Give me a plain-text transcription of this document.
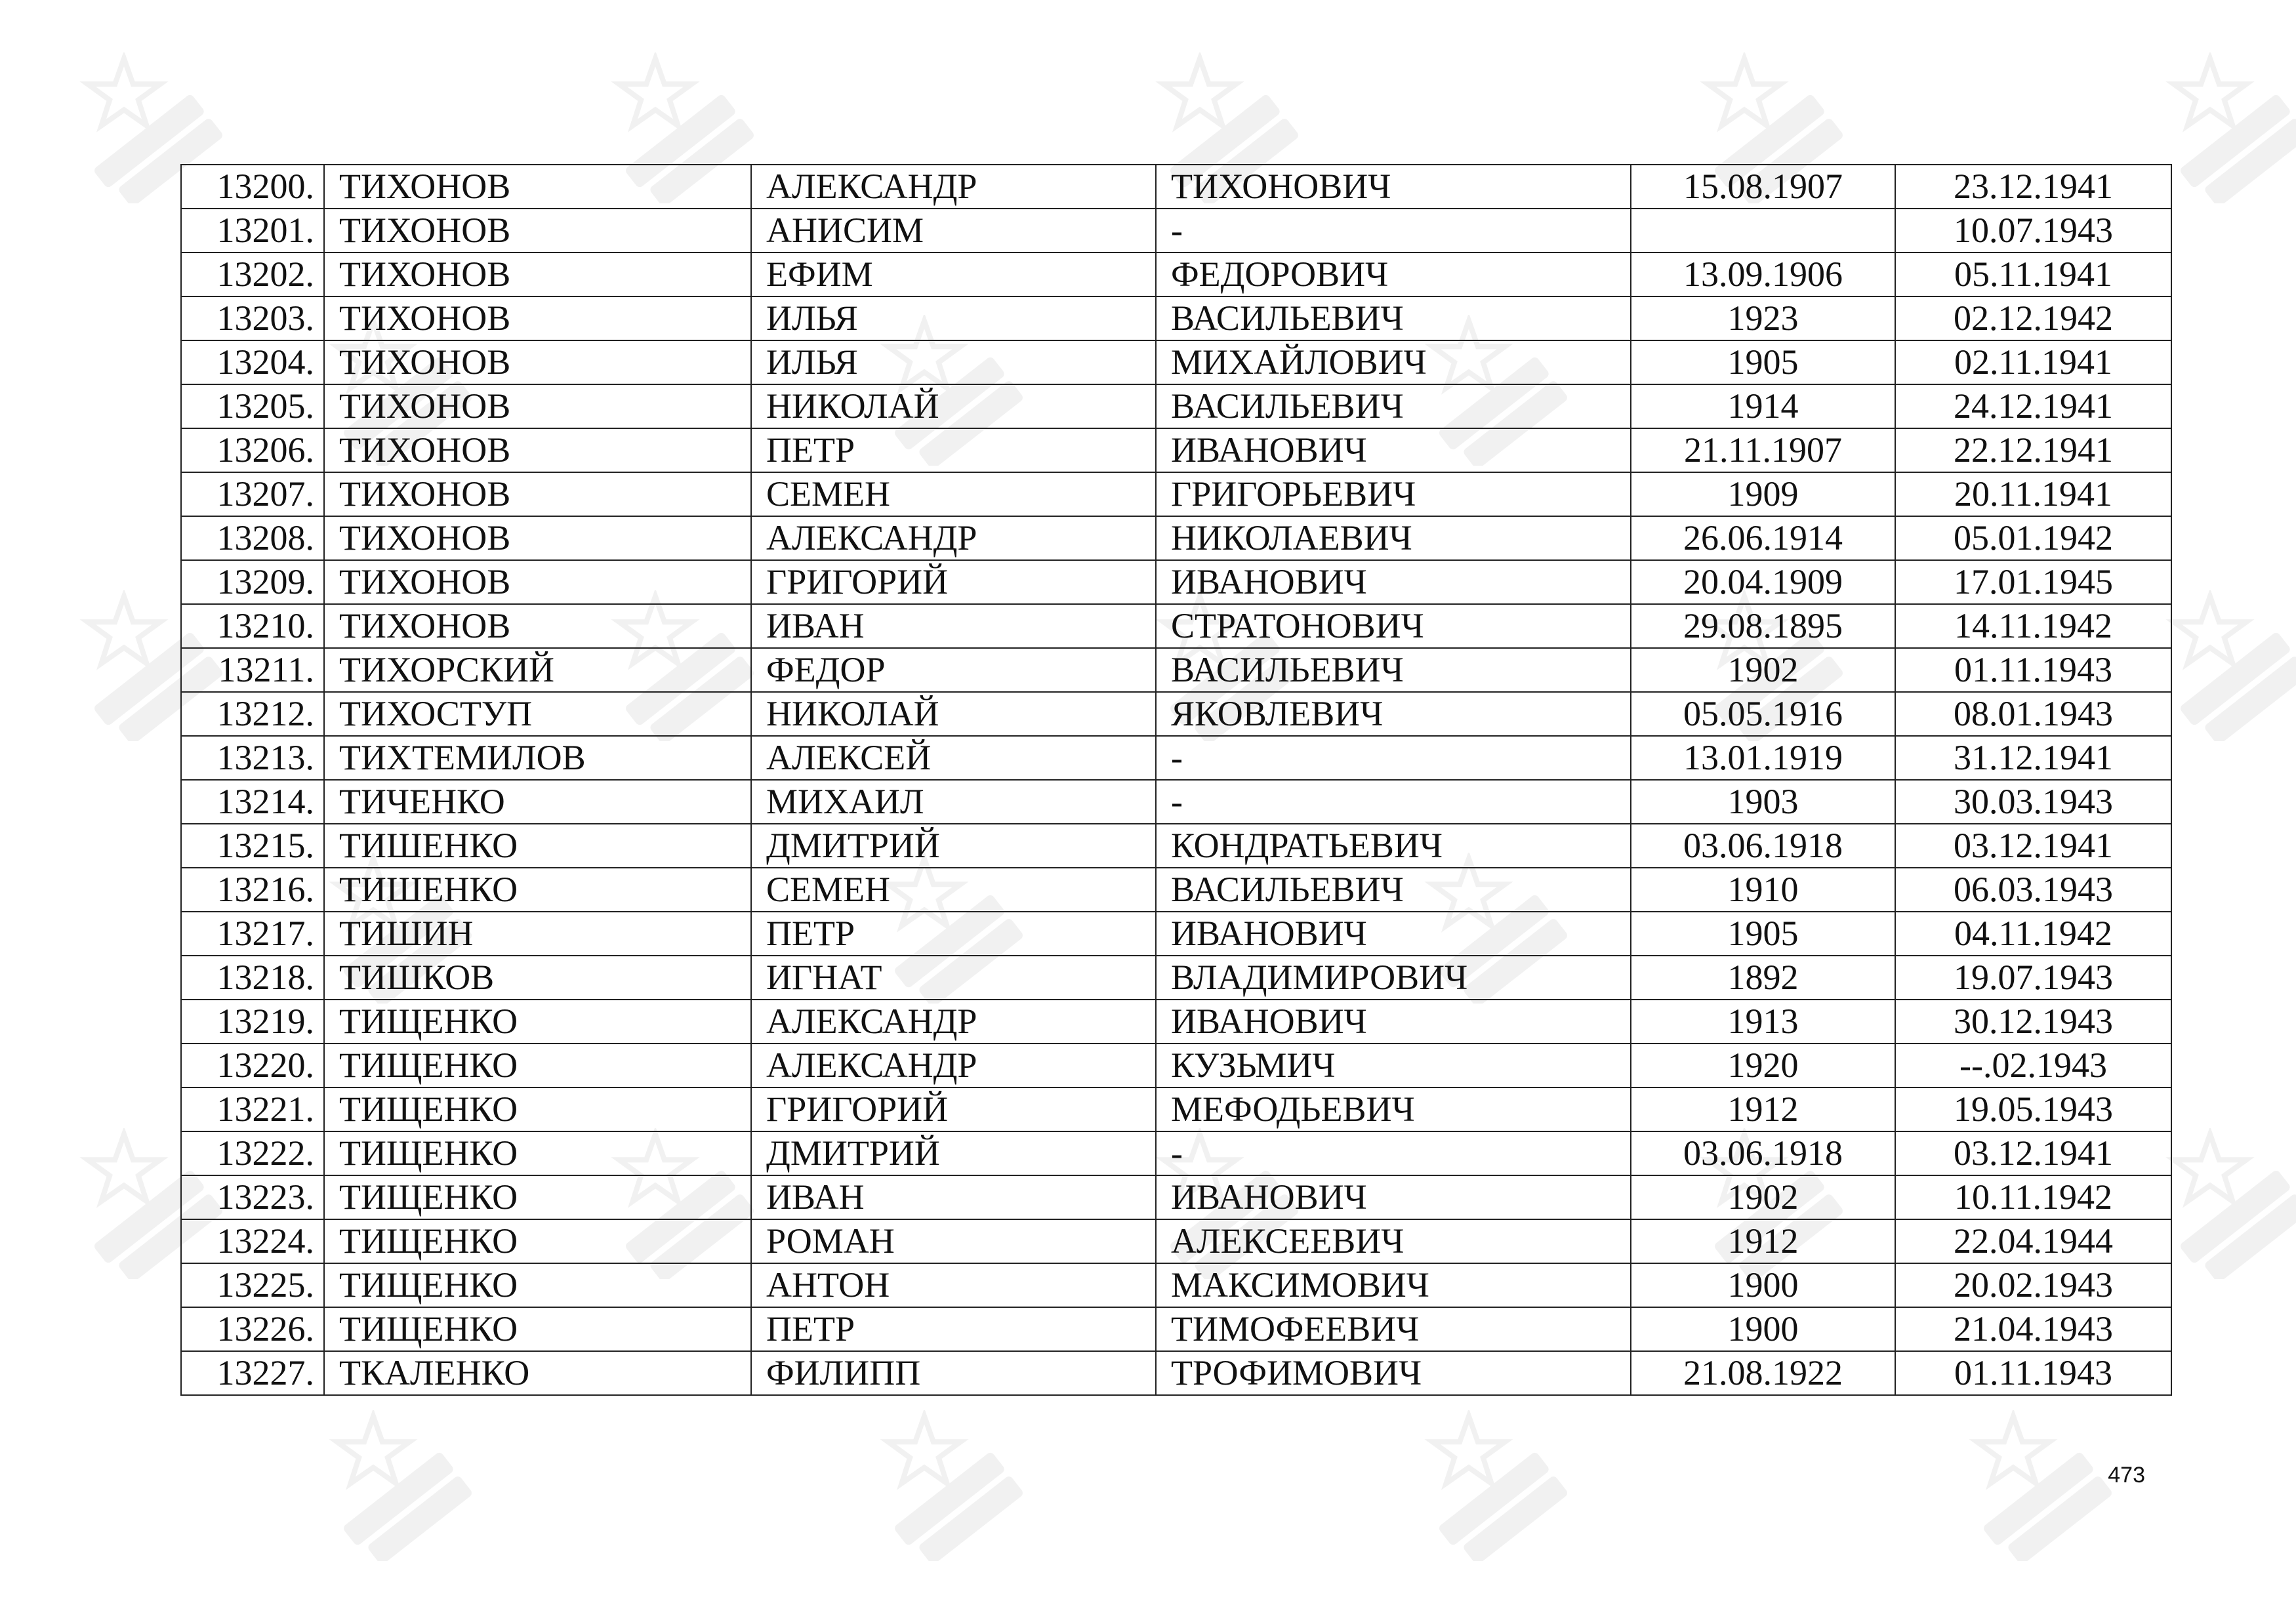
13200.	ТИХОНОВ	АЛЕКСАНДР	ТИХОНОВИЧ	15.08.1907	23.12.1941
13201.	ТИХОНОВ	АНИСИМ	-		10.07.1943
13202.	ТИХОНОВ	ЕФИМ	ФЕДОРОВИЧ	13.09.1906	05.11.1941
13203.	ТИХОНОВ	ИЛЬЯ	ВАСИЛЬЕВИЧ	1923	02.12.1942
13204.	ТИХОНОВ	ИЛЬЯ	МИХАЙЛОВИЧ	1905	02.11.1941
13205.	ТИХОНОВ	НИКОЛАЙ	ВАСИЛЬЕВИЧ	1914	24.12.1941
13206.	ТИХОНОВ	ПЕТР	ИВАНОВИЧ	21.11.1907	22.12.1941
13207.	ТИХОНОВ	СЕМЕН	ГРИГОРЬЕВИЧ	1909	20.11.1941
13208.	ТИХОНОВ	АЛЕКСАНДР	НИКОЛАЕВИЧ	26.06.1914	05.01.1942
13209.	ТИХОНОВ	ГРИГОРИЙ	ИВАНОВИЧ	20.04.1909	17.01.1945
13210.	ТИХОНОВ	ИВАН	СТРАТОНОВИЧ	29.08.1895	14.11.1942
13211.	ТИХОРСКИЙ	ФЕДОР	ВАСИЛЬЕВИЧ	1902	01.11.1943
13212.	ТИХОСТУП	НИКОЛАЙ	ЯКОВЛЕВИЧ	05.05.1916	08.01.1943
13213.	ТИХТЕМИЛОВ	АЛЕКСЕЙ	-	13.01.1919	31.12.1941
13214.	ТИЧЕНКО	МИХАИЛ	-	1903	30.03.1943
13215.	ТИШЕНКО	ДМИТРИЙ	КОНДРАТЬЕВИЧ	03.06.1918	03.12.1941
13216.	ТИШЕНКО	СЕМЕН	ВАСИЛЬЕВИЧ	1910	06.03.1943
13217.	ТИШИН	ПЕТР	ИВАНОВИЧ	1905	04.11.1942
13218.	ТИШКОВ	ИГНАТ	ВЛАДИМИРОВИЧ	1892	19.07.1943
13219.	ТИЩЕНКО	АЛЕКСАНДР	ИВАНОВИЧ	1913	30.12.1943
13220.	ТИЩЕНКО	АЛЕКСАНДР	КУЗЬМИЧ	1920	--.02.1943
13221.	ТИЩЕНКО	ГРИГОРИЙ	МЕФОДЬЕВИЧ	1912	19.05.1943
13222.	ТИЩЕНКО	ДМИТРИЙ	-	03.06.1918	03.12.1941
13223.	ТИЩЕНКО	ИВАН	ИВАНОВИЧ	1902	10.11.1942
13224.	ТИЩЕНКО	РОМАН	АЛЕКСЕЕВИЧ	1912	22.04.1944
13225.	ТИЩЕНКО	АНТОН	МАКСИМОВИЧ	1900	20.02.1943
13226.	ТИЩЕНКО	ПЕТР	ТИМОФЕЕВИЧ	1900	21.04.1943
13227.	ТКАЛЕНКО	ФИЛИПП	ТРОФИМОВИЧ	21.08.1922	01.11.1943
473
